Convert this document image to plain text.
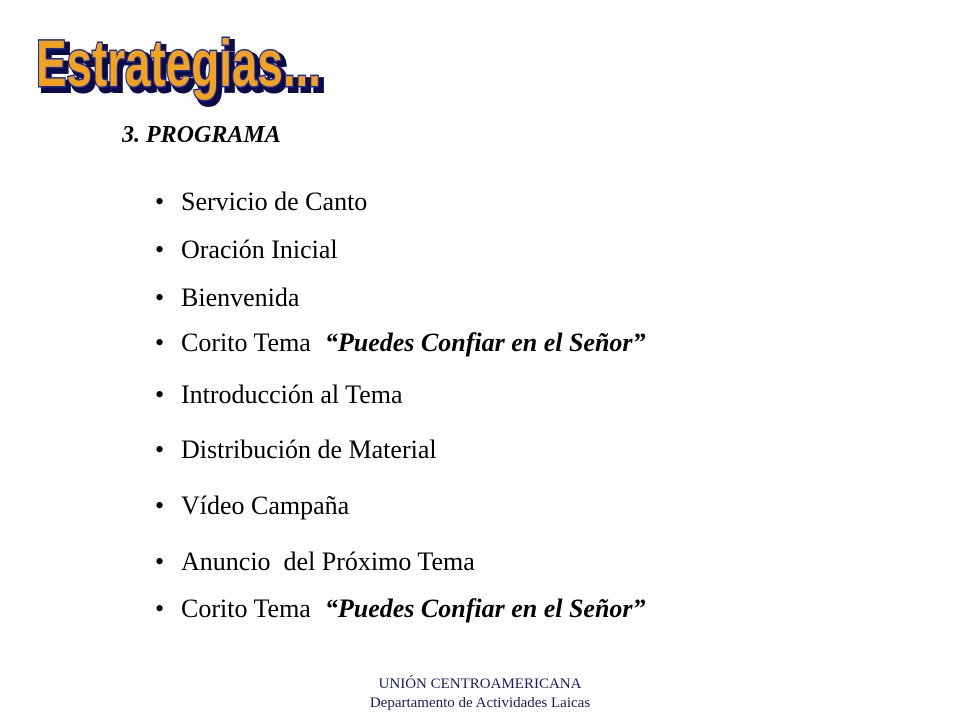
Estrategias...
Estrategias...
3. PROGRAMA
• Servicio de Canto
• Oración Inicial
• Bienvenida
• Corito Tema “Puedes Confiar en el Señor”
• Introducción al Tema
• Distribución de Material
• Vídeo Campaña
• Anuncio  del Próximo Tema
• Corito Tema “Puedes Confiar en el Señor”
UNIÓN CENTROAMERICANA
Departamento de Actividades Laicas
